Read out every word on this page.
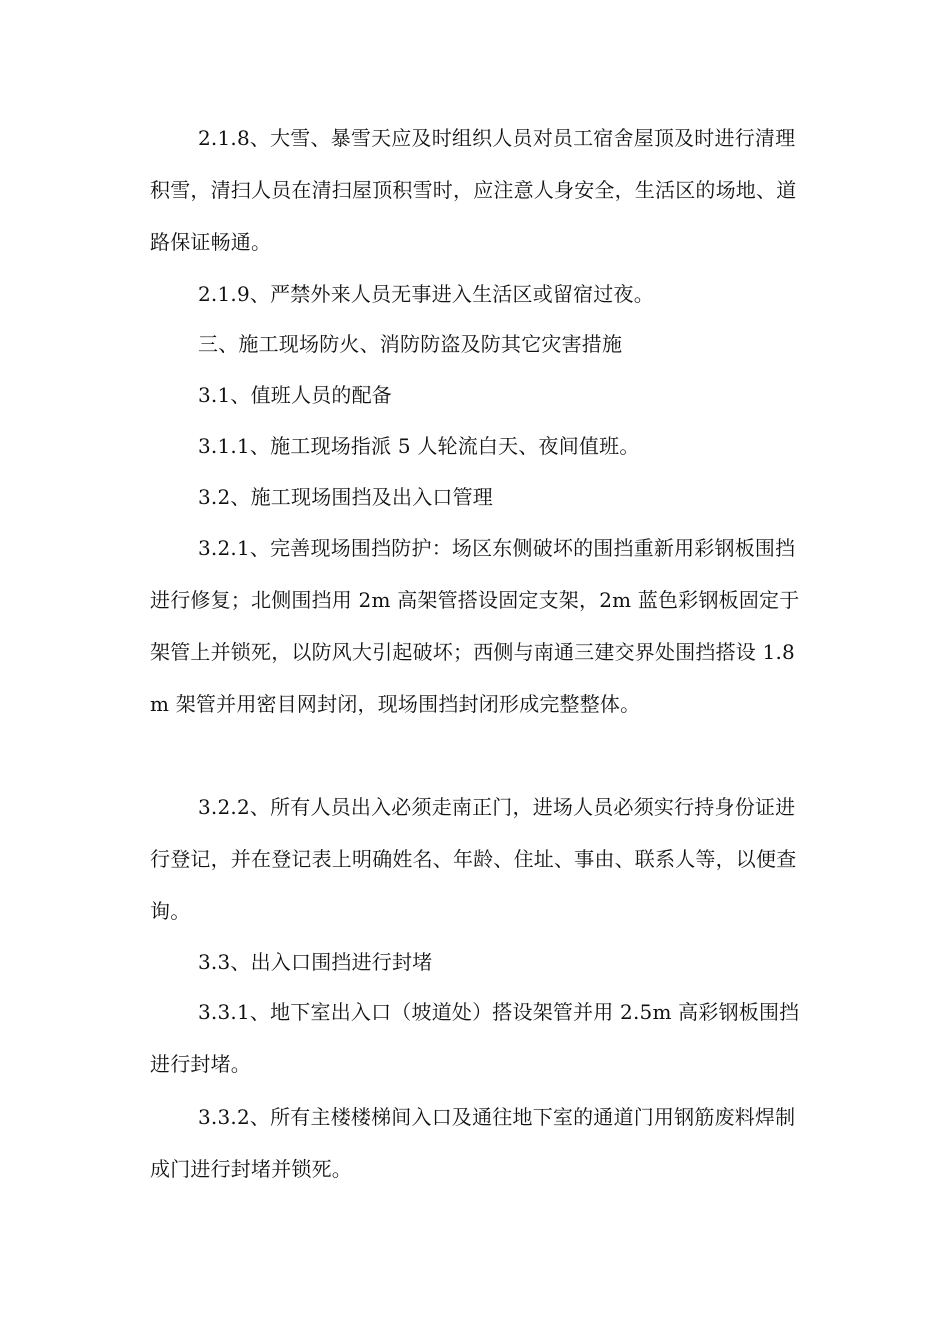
2.1.8、大雪、暴雪天应及时组织人员对员工宿舍屋顶及时进行清理积雪，清扫人员在清扫屋顶积雪时，应注意人身安全，生活区的场地、道路保证畅通。

2.1.9、严禁外来人员无事进入生活区或留宿过夜。

三、施工现场防火、消防防盗及防其它灾害措施

3.1、值班人员的配备

3.1.1、施工现场指派 5 人轮流白天、夜间值班。

3.2、施工现场围挡及出入口管理

3.2.1、完善现场围挡防护：场区东侧破坏的围挡重新用彩钢板围挡进行修复；北侧围挡用 2m 高架管搭设固定支架，2m 蓝色彩钢板固定于架管上并锁死，以防风大引起破坏；西侧与南通三建交界处围挡搭设 1.8m 架管并用密目网封闭，现场围挡封闭形成完整整体。

3.2.2、所有人员出入必须走南正门，进场人员必须实行持身份证进行登记，并在登记表上明确姓名、年龄、住址、事由、联系人等，以便查询。

3.3、出入口围挡进行封堵

3.3.1、地下室出入口（坡道处）搭设架管并用 2.5m 高彩钢板围挡进行封堵。

3.3.2、所有主楼楼梯间入口及通往地下室的通道门用钢筋废料焊制成门进行封堵并锁死。
